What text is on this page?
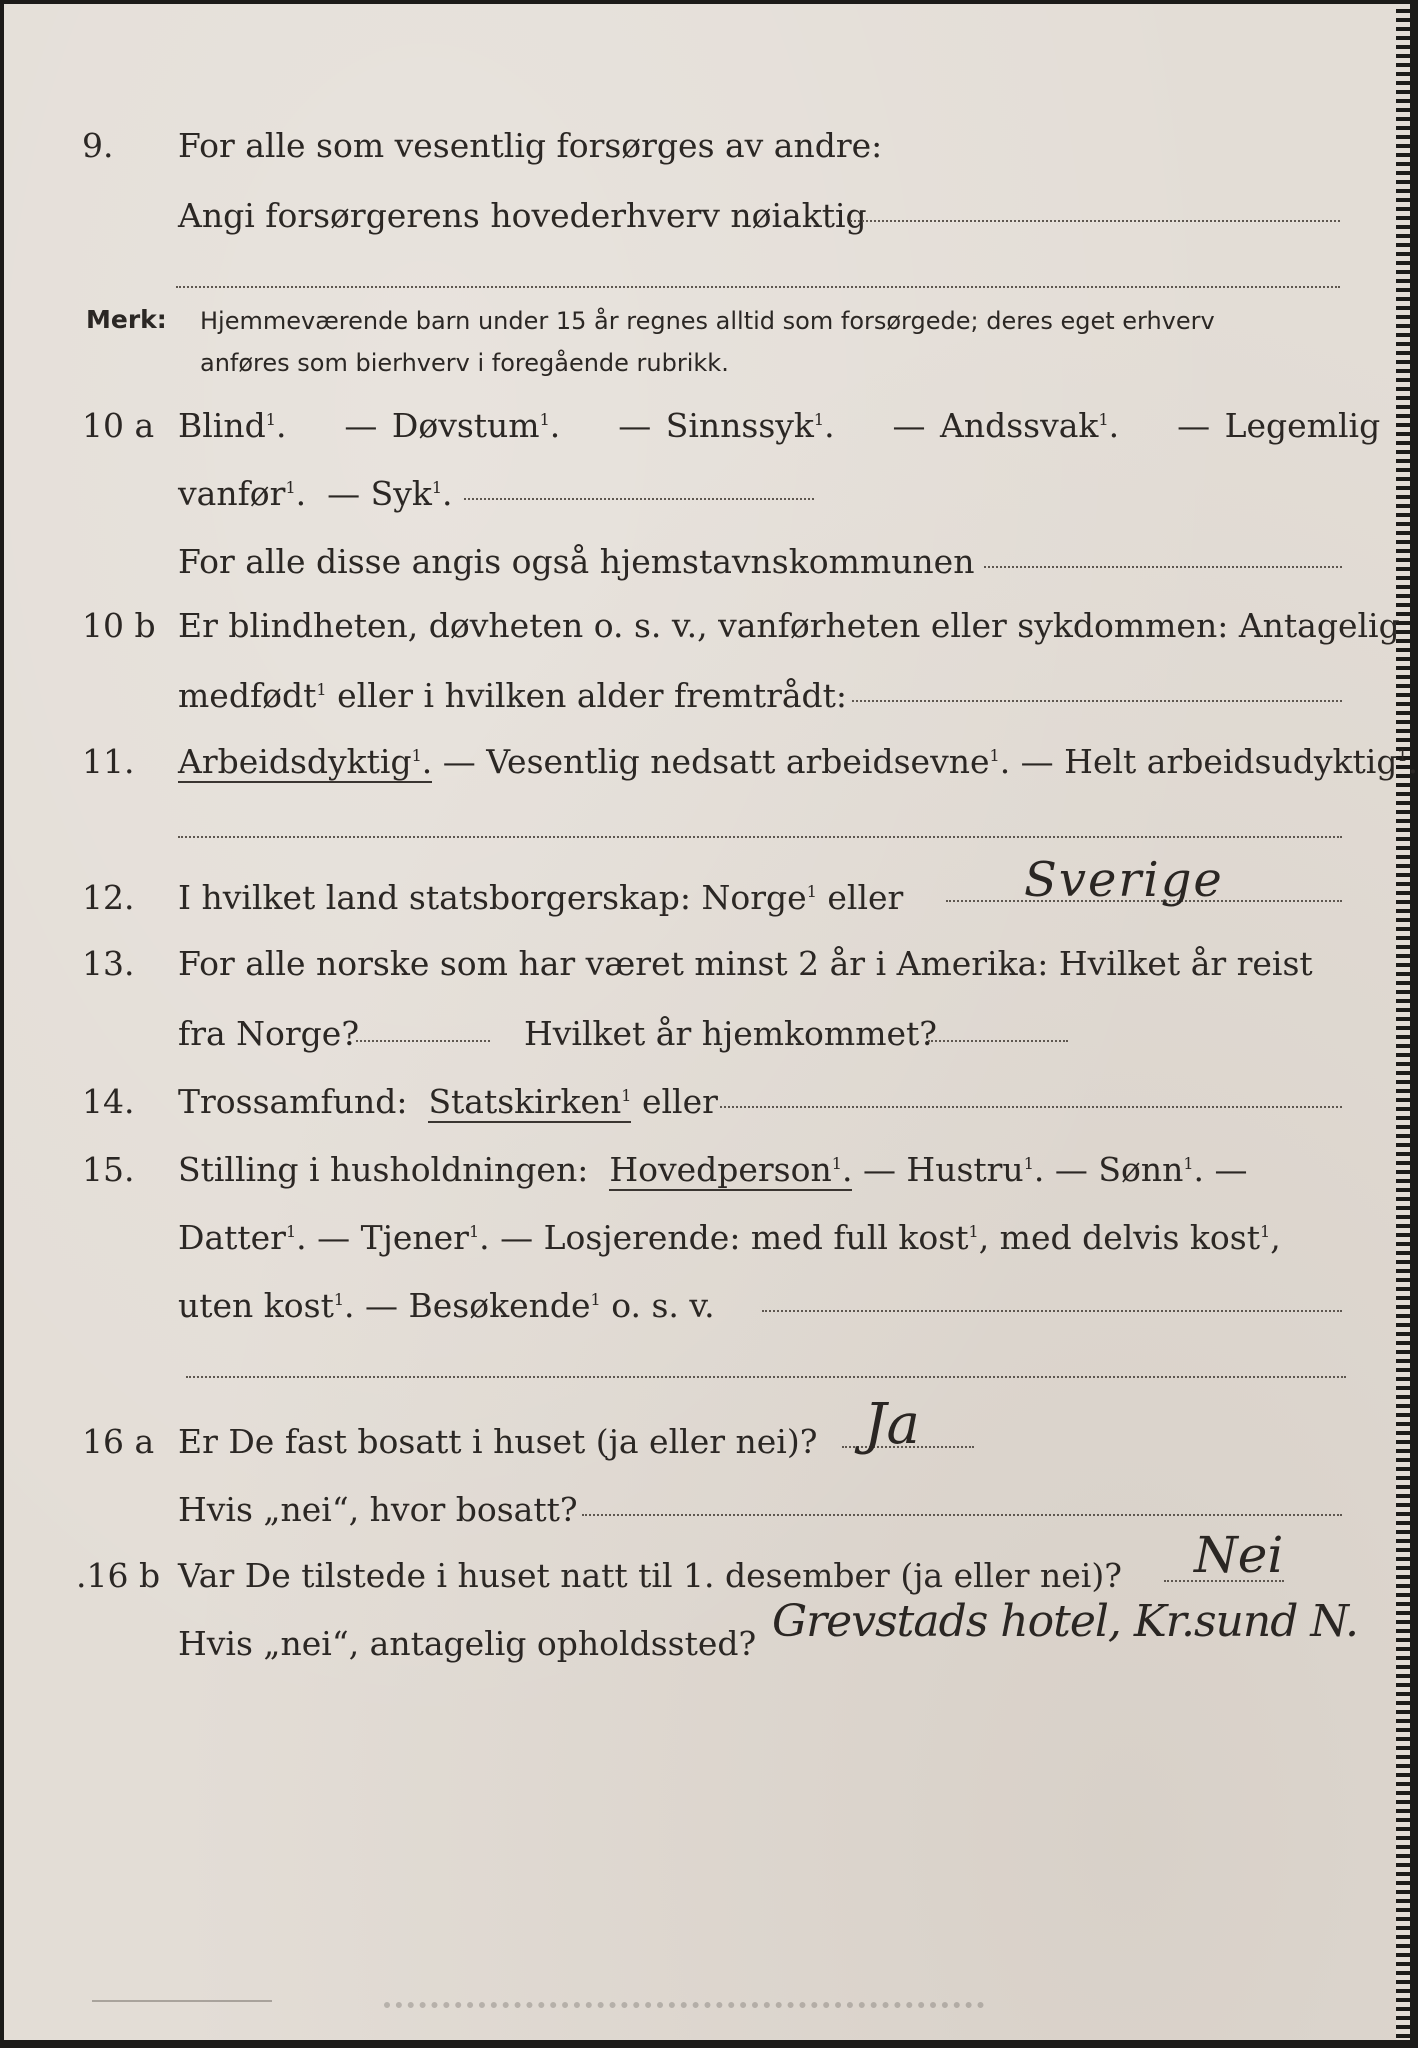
9. For alle som vesentlig forsørges av andre:
Angi forsørgerens hovederhverv nøiaktig
Merk: Hjemmeværende barn under 15 år regnes alltid som forsørgede; deres eget erhverv
anføres som bierhverv i foregående rubrikk.
10 a Blind$^1$.    — Døvstum$^1$.    — Sinnssyk$^1$.    — Andssvak$^1$.    — Legemlig
vanfør$^1$.  — Syk$^1$.
For alle disse angis også hjemstavnskommunen
10 b Er blindheten, døvheten o. s. v., vanførheten eller sykdommen: Antagelig
medfødt$^1$ eller i hvilken alder fremtrådt:
11. Arbeidsdyktig$^1$. — Vesentlig nedsatt arbeidsevne$^1$. — Helt arbeidsudyktig$^1$.
12. I hvilket land statsborgerskap: Norge$^1$ eller	Sverige
13. For alle norske som har været minst 2 år i Amerika: Hvilket år reist
fra Norge?	Hvilket år hjemkommet?
14. Trossamfund: Statskirken$^1$ eller
15. Stilling i husholdningen: Hovedperson$^1$. — Hustru$^1$. — Sønn$^1$. —
Datter$^1$. — Tjener$^1$. — Losjerende: med full kost$^1$, med delvis kost$^1$,
uten kost$^1$. — Besøkende$^1$ o. s. v.
16 a Er De fast bosatt i huset (ja eller nei)? Ja
Hvis „nei“, hvor bosatt?
.16 b Var De tilstede i huset natt til 1. desember (ja eller nei)? Nei
Hvis „nei“, antagelig opholdssted? Grevstads hotel, Kr.sund N.
